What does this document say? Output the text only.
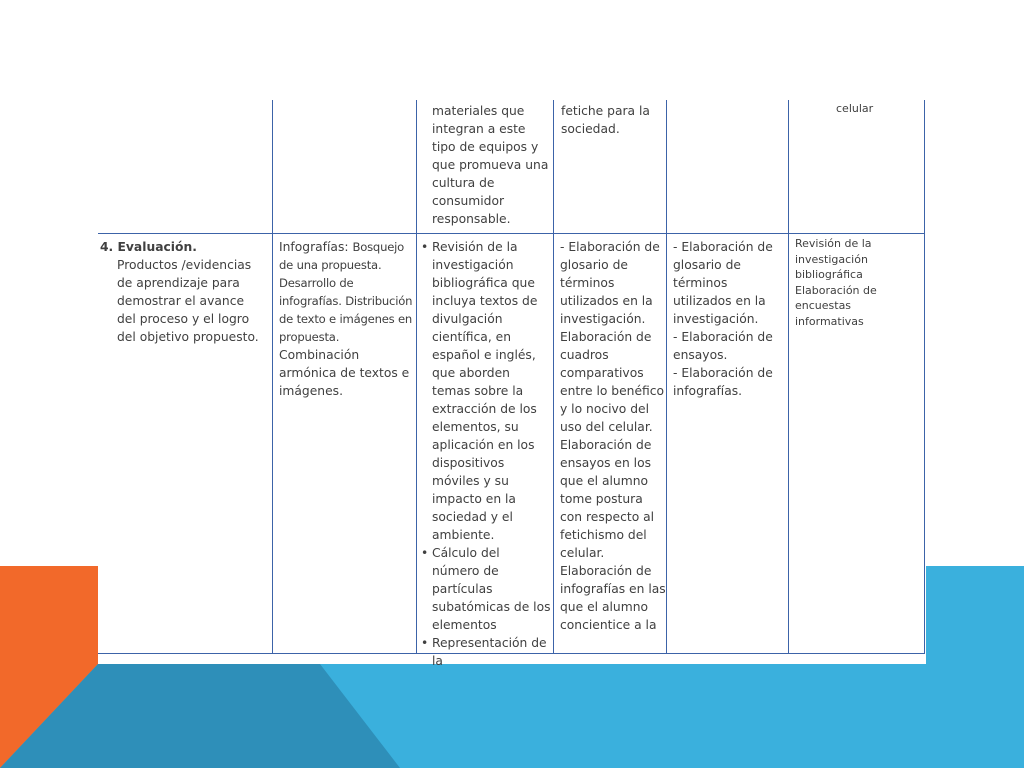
materiales que integran a este tipo de equipos y que promueva una cultura de consumidor responsable.
fetiche para la sociedad.
celular
4. Evaluación.
Productos /evidencias de aprendizaje para demostrar el avance del proceso y el logro del objetivo propuesto.
Infografías: Bosquejo de una propuesta. Desarrollo de infografías. Distribución de texto e imágenes en propuesta.
Combinación armónica de textos e imágenes.
• Revisión de la investigación bibliográfica que incluya textos de divulgación científica, en español e inglés, que aborden temas sobre la extracción de los elementos, su aplicación en los dispositivos móviles y su impacto en la sociedad y el ambiente.
• Cálculo del número de partículas subatómicas de los elementos
• Representación de la
- Elaboración de glosario de términos utilizados en la investigación. Elaboración de cuadros comparativos entre lo benéfico y lo nocivo del uso del celular. Elaboración de ensayos en los que el alumno tome postura con respecto al fetichismo del celular. Elaboración de infografías en las que el alumno concientice a la
- Elaboración de glosario de términos utilizados en la investigación.
- Elaboración de ensayos.
- Elaboración de infografías.
Revisión de la investigación bibliográfica Elaboración de encuestas informativas
